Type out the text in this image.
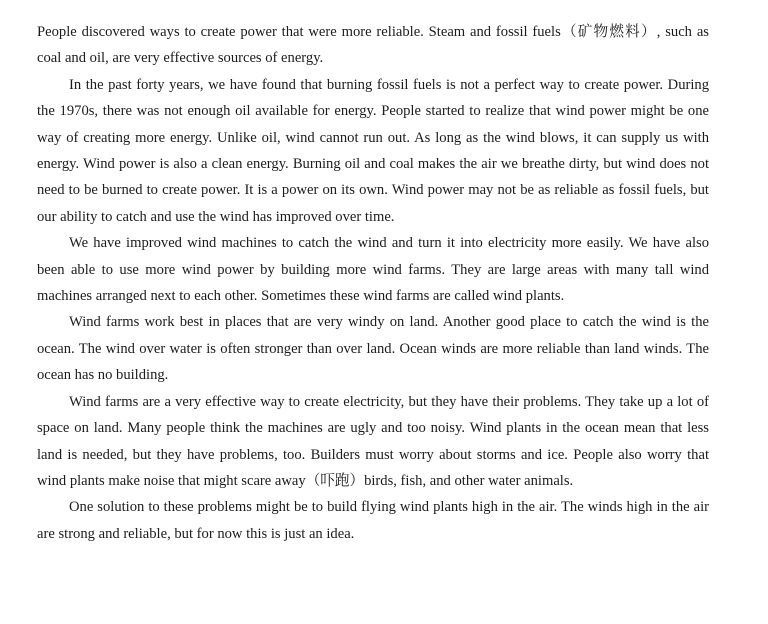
People discovered ways to create power that were more reliable. Steam and fossil fuels（矿物燃料）, such as coal and oil, are very effective sources of energy.

In the past forty years, we have found that burning fossil fuels is not a perfect way to create power. During the 1970s, there was not enough oil available for energy. People started to realize that wind power might be one way of creating more energy. Unlike oil, wind cannot run out. As long as the wind blows, it can supply us with energy. Wind power is also a clean energy. Burning oil and coal makes the air we breathe dirty, but wind does not need to be burned to create power. It is a power on its own. Wind power may not be as reliable as fossil fuels, but our ability to catch and use the wind has improved over time.

We have improved wind machines to catch the wind and turn it into electricity more easily. We have also been able to use more wind power by building more wind farms. They are large areas with many tall wind machines arranged next to each other. Sometimes these wind farms are called wind plants.

Wind farms work best in places that are very windy on land. Another good place to catch the wind is the ocean. The wind over water is often stronger than over land. Ocean winds are more reliable than land winds. The ocean has no building.

Wind farms are a very effective way to create electricity, but they have their problems. They take up a lot of space on land. Many people think the machines are ugly and too noisy. Wind plants in the ocean mean that less land is needed, but they have problems, too. Builders must worry about storms and ice. People also worry that wind plants make noise that might scare away（吓跑）birds, fish, and other water animals.

One solution to these problems might be to build flying wind plants high in the air. The winds high in the air are strong and reliable, but for now this is just an idea.
